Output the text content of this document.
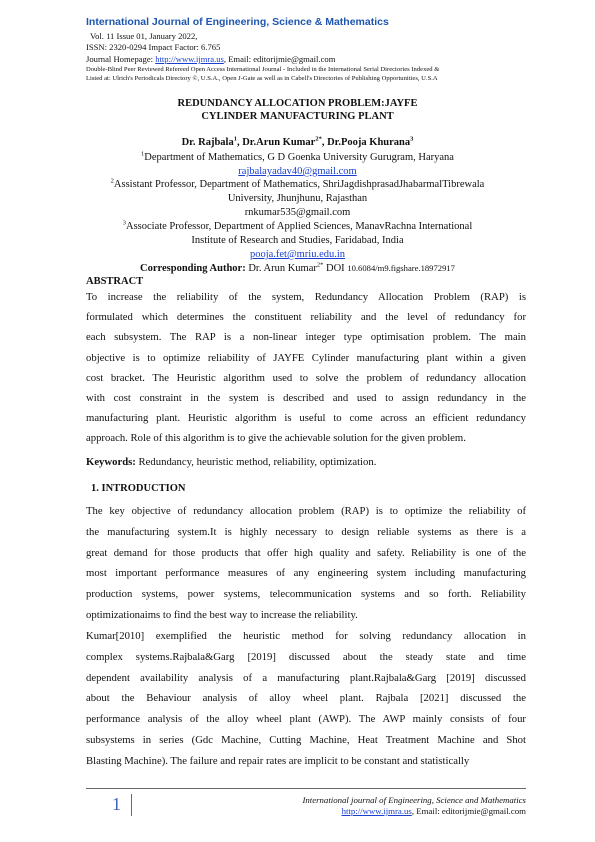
International Journal of Engineering, Science & Mathematics
Vol. 11 Issue 01, January 2022,
ISSN: 2320-0294 Impact Factor: 6.765
Journal Homepage: http://www.ijmra.us, Email: editorijmie@gmail.com
Double-Blind Peer Reviewed Refereed Open Access International Journal - Included in the International Serial Directories Indexed &
Listed at: Ulrich's Periodicals Directory ©, U.S.A., Open J-Gate as well as in Cabell's Directories of Publishing Opportunities, U.S.A
REDUNDANCY ALLOCATION PROBLEM:JAYFE
CYLINDER MANUFACTURING PLANT
Dr. Rajbala$^1$, Dr.Arun Kumar$^{2*}$, Dr.Pooja Khurana$^3$
$^1$Department of Mathematics, G D Goenka University Gurugram, Haryana
rajbalayadav40@gmail.com
$^2$Assistant Professor, Department of Mathematics, ShriJagdishprasadJhabarmalTibrewala
University, Jhunjhunu, Rajasthan
rnkumar535@gmail.com
$^3$Associate Professor, Department of Applied Sciences, ManavRachna International
Institute of Research and Studies, Faridabad, India
pooja.fet@mriu.edu.in
Corresponding Author: Dr. Arun Kumar$^{2*}$ DOI 10.6084/m9.figshare.18972917
ABSTRACT
To increase the reliability of the system, Redundancy Allocation Problem (RAP) is
formulated which determines the constituent reliability and the level of redundancy for
each subsystem. The RAP is a non-linear integer type optimisation problem. The main
objective is to optimize reliability of JAYFE Cylinder manufacturing plant within a given
cost bracket. The Heuristic algorithm used to solve the problem of redundancy allocation
with cost constraint in the system is described and used to assign redundancy in the
manufacturing plant. Heuristic algorithm is useful to come across an efficient redundancy
approach. Role of this algorithm is to give the achievable solution for the given problem.
Keywords: Redundancy, heuristic method, reliability, optimization.
1. INTRODUCTION
The key objective of redundancy allocation problem (RAP) is to optimize the reliability of
the manufacturing system.It is highly necessary to design reliable systems as there is a
great demand for those products that offer high quality and safety. Reliability is one of the
most important performance measures of any engineering system including manufacturing
production systems, power systems, telecommunication systems and so forth. Reliability
optimizationaims to find the best way to increase the reliability.
Kumar[2010] exemplified the heuristic method for solving redundancy allocation in
complex systems.Rajbala&Garg [2019] discussed about the steady state and time
dependent availability analysis of a manufacturing plant.Rajbala&Garg [2019] discussed
about the Behaviour analysis of alloy wheel plant. Rajbala [2021] discussed the
performance analysis of the alloy wheel plant (AWP). The AWP mainly consists of four
subsystems in series (Gdc Machine, Cutting Machine, Heat Treatment Machine and Shot
Blasting Machine). The failure and repair rates are implicit to be constant and statistically
1	International journal of Engineering, Science and Mathematics
http://www.ijmra.us, Email: editorijmie@gmail.com
